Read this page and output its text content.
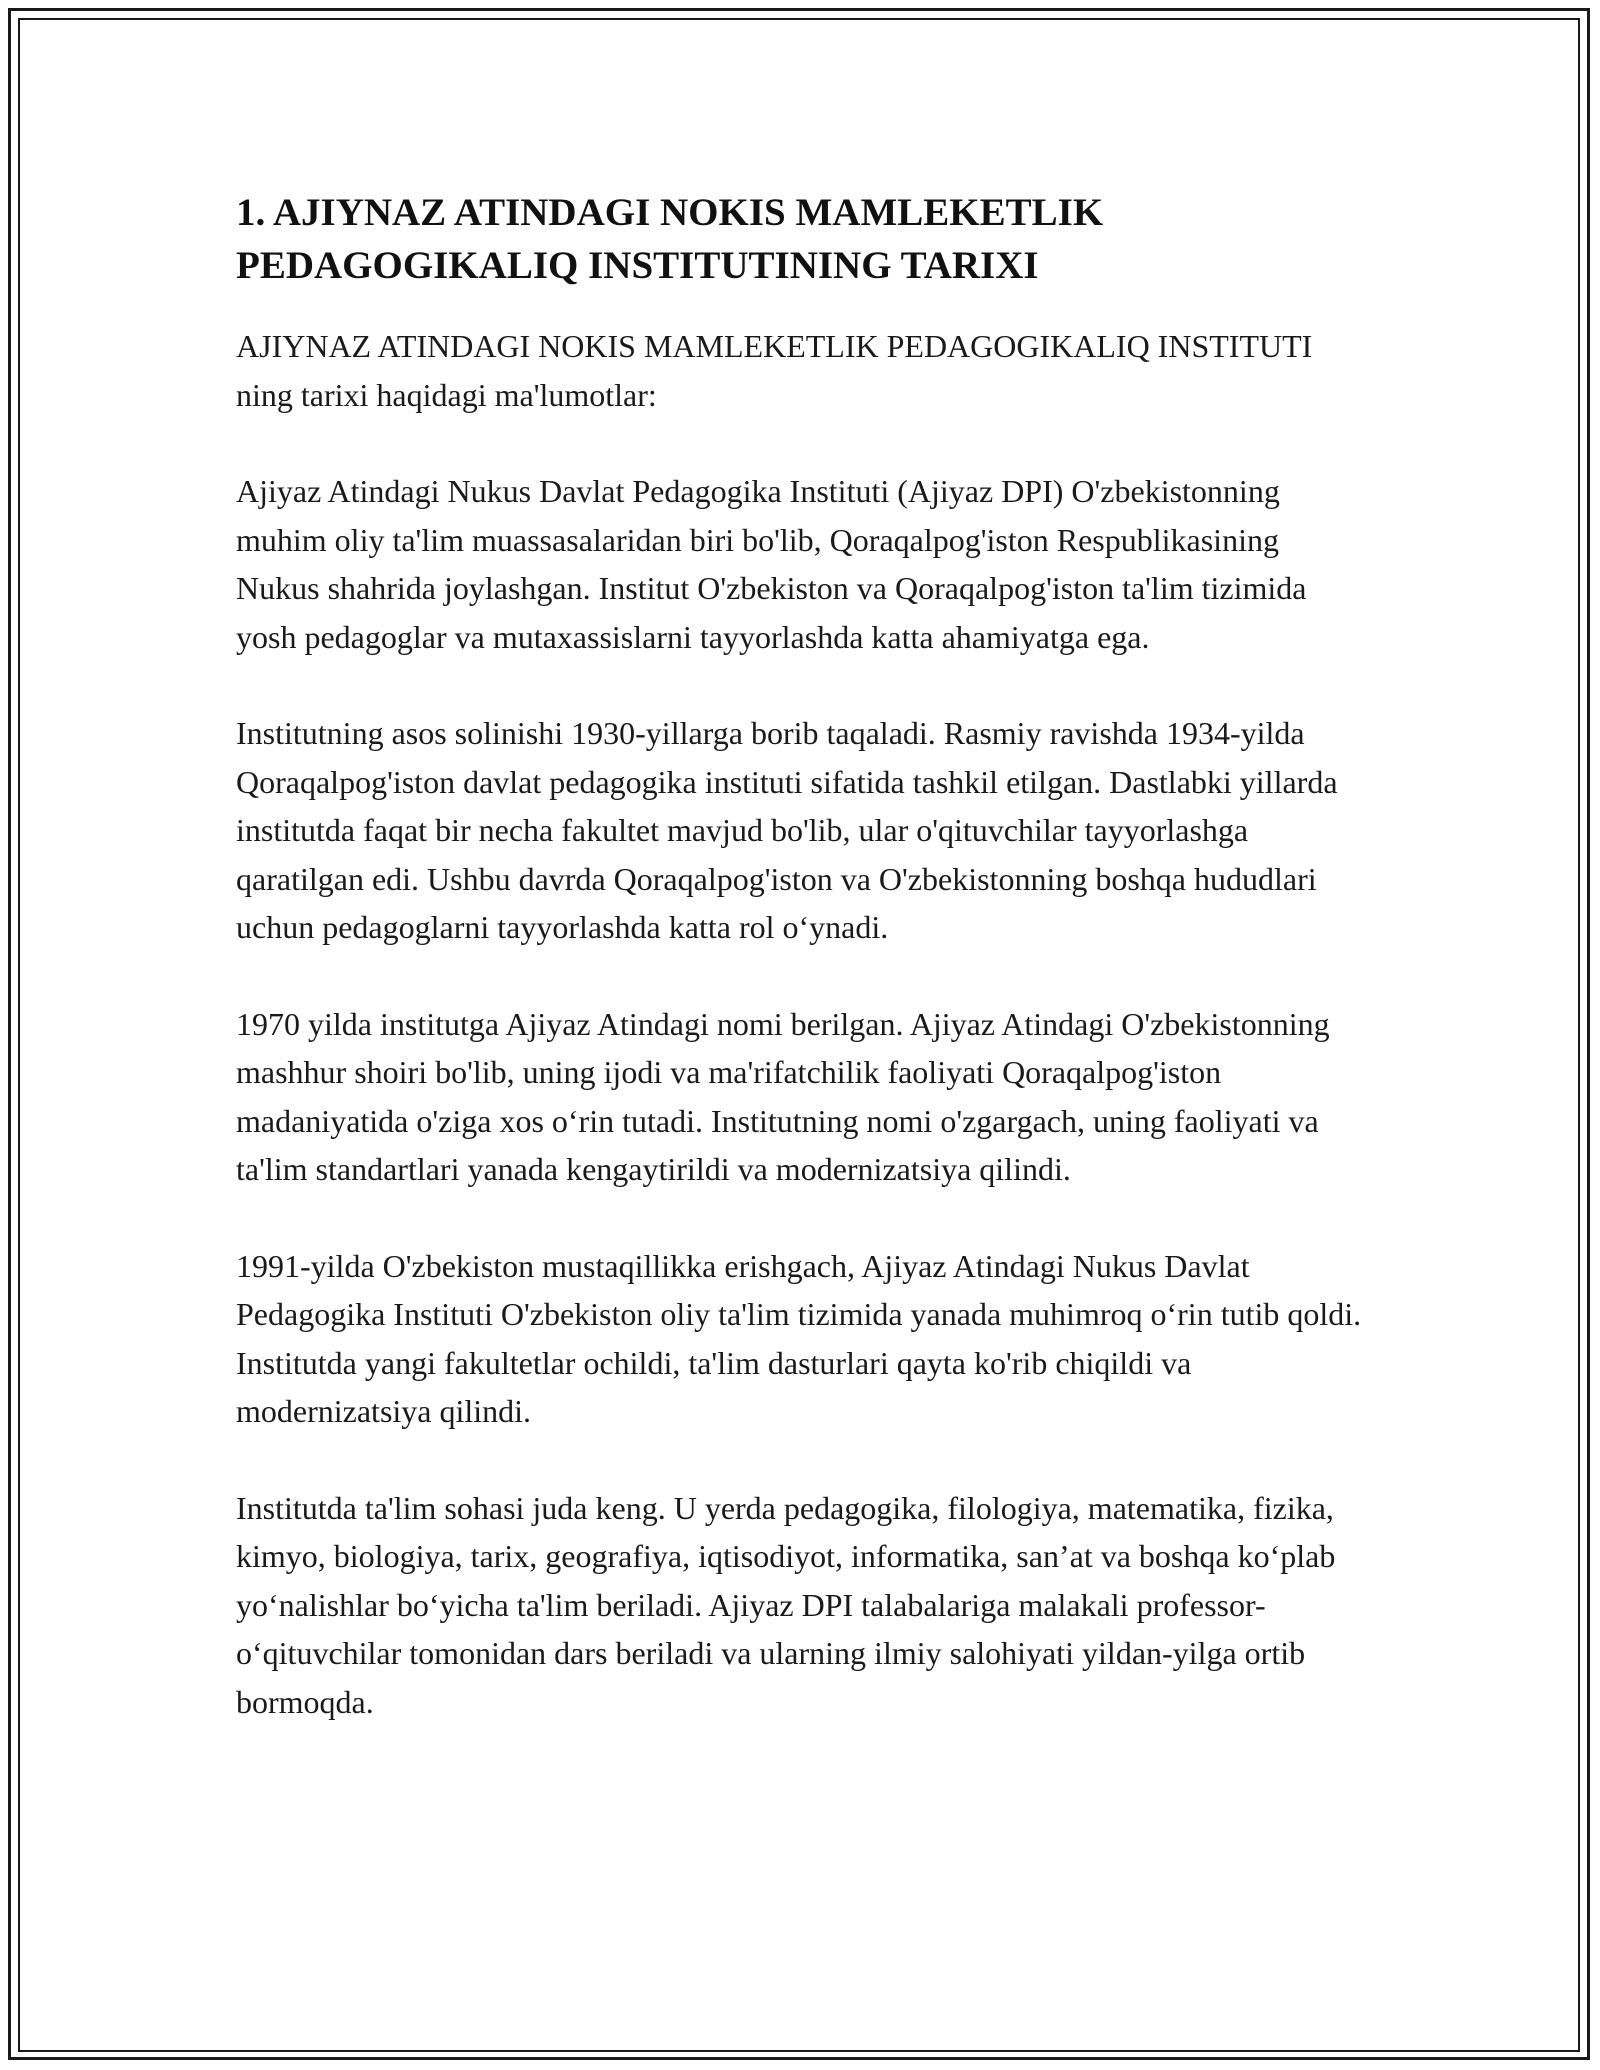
1. AJIYNAZ ATINDAGI NOKIS MAMLEKETLIK PEDAGOGIKALIQ INSTITUTINING TARIXI

AJIYNAZ ATINDAGI NOKIS MAMLEKETLIK PEDAGOGIKALIQ INSTITUTI ning tarixi haqidagi ma'lumotlar:

Ajiyaz Atindagi Nukus Davlat Pedagogika Instituti (Ajiyaz DPI) O'zbekistonning muhim oliy ta'lim muassasalaridan biri bo'lib, Qoraqalpog'iston Respublikasining Nukus shahrida joylashgan. Institut O'zbekiston va Qoraqalpog'iston ta'lim tizimida yosh pedagoglar va mutaxassislarni tayyorlashda katta ahamiyatga ega.

Institutning asos solinishi 1930-yillarga borib taqaladi. Rasmiy ravishda 1934-yilda Qoraqalpog'iston davlat pedagogika instituti sifatida tashkil etilgan. Dastlabki yillarda institutda faqat bir necha fakultet mavjud bo'lib, ular o'qituvchilar tayyorlashga qaratilgan edi. Ushbu davrda Qoraqalpog'iston va O'zbekistonning boshqa hududlari uchun pedagoglarni tayyorlashda katta rol o‘ynadi.

1970 yilda institutga Ajiyaz Atindagi nomi berilgan. Ajiyaz Atindagi O'zbekistonning mashhur shoiri bo'lib, uning ijodi va ma'rifatchilik faoliyati Qoraqalpog'iston madaniyatida o'ziga xos o‘rin tutadi. Institutning nomi o'zgargach, uning faoliyati va ta'lim standartlari yanada kengaytirildi va modernizatsiya qilindi.

1991-yilda O'zbekiston mustaqillikka erishgach, Ajiyaz Atindagi Nukus Davlat Pedagogika Instituti O'zbekiston oliy ta'lim tizimida yanada muhimroq o‘rin tutib qoldi. Institutda yangi fakultetlar ochildi, ta'lim dasturlari qayta ko'rib chiqildi va modernizatsiya qilindi.

Institutda ta'lim sohasi juda keng. U yerda pedagogika, filologiya, matematika, fizika, kimyo, biologiya, tarix, geografiya, iqtisodiyot, informatika, san’at va boshqa ko‘plab yo‘nalishlar bo‘yicha ta'lim beriladi. Ajiyaz DPI talabalariga malakali professor-o‘qituvchilar tomonidan dars beriladi va ularning ilmiy salohiyati yildan-yilga ortib bormoqda.
